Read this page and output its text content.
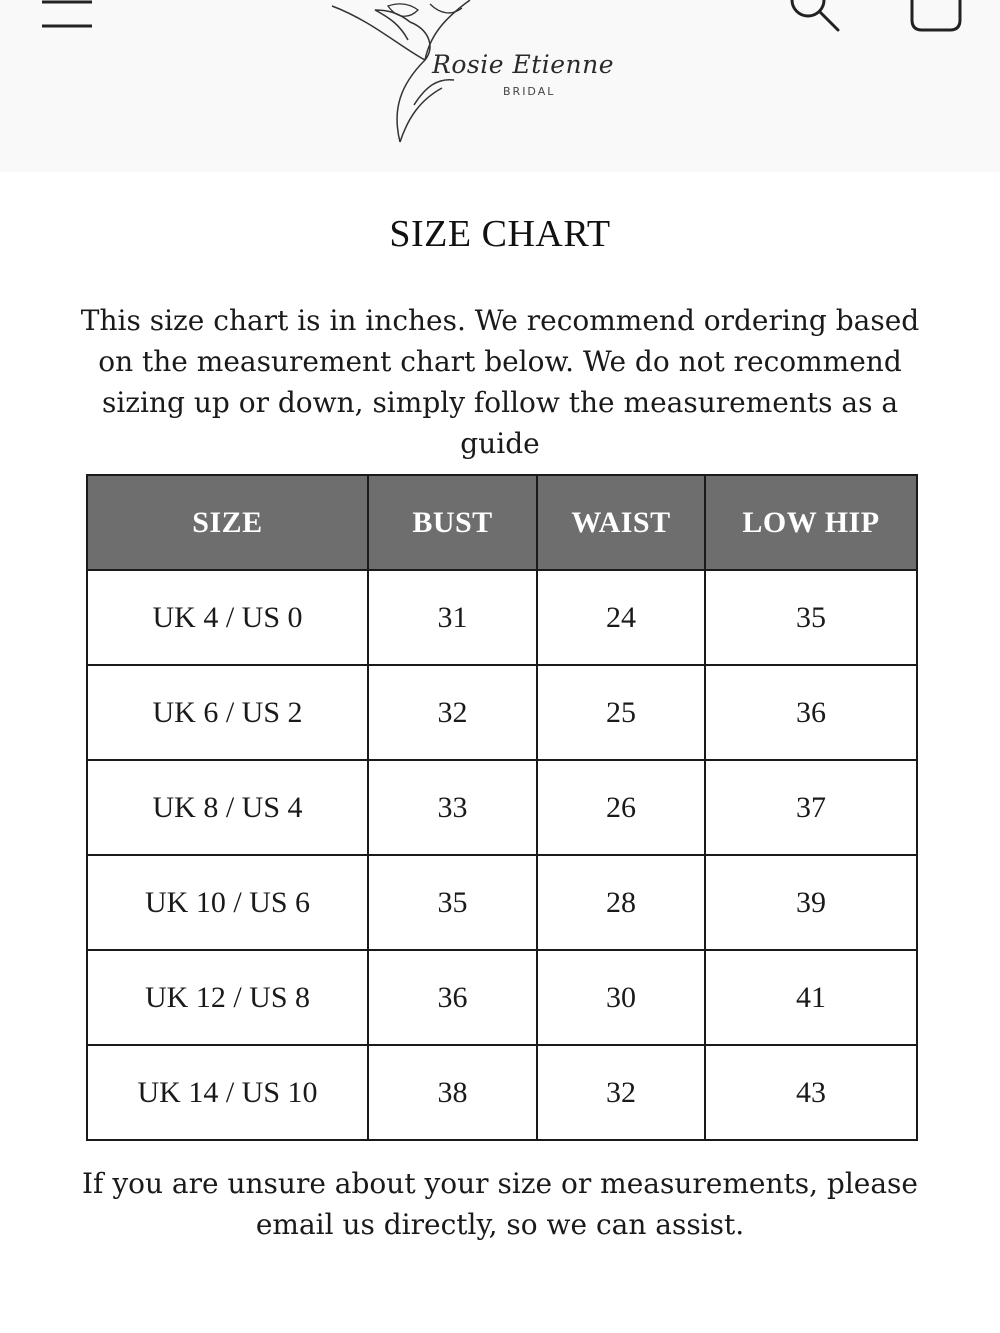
Rosie Etienne
BRIDAL
SIZE CHART
This size chart is in inches. We recommend ordering based on the measurement chart below. We do not recommend sizing up or down, simply follow the measurements as a guide
SIZE	BUST	WAIST	LOW HIP
UK 4 / US 0	31	24	35
UK 6 / US 2	32	25	36
UK 8 / US 4	33	26	37
UK 10 / US 6	35	28	39
UK 12 / US 8	36	30	41
UK 14 / US 10	38	32	43
If you are unsure about your size or measurements, please email us directly, so we can assist.
